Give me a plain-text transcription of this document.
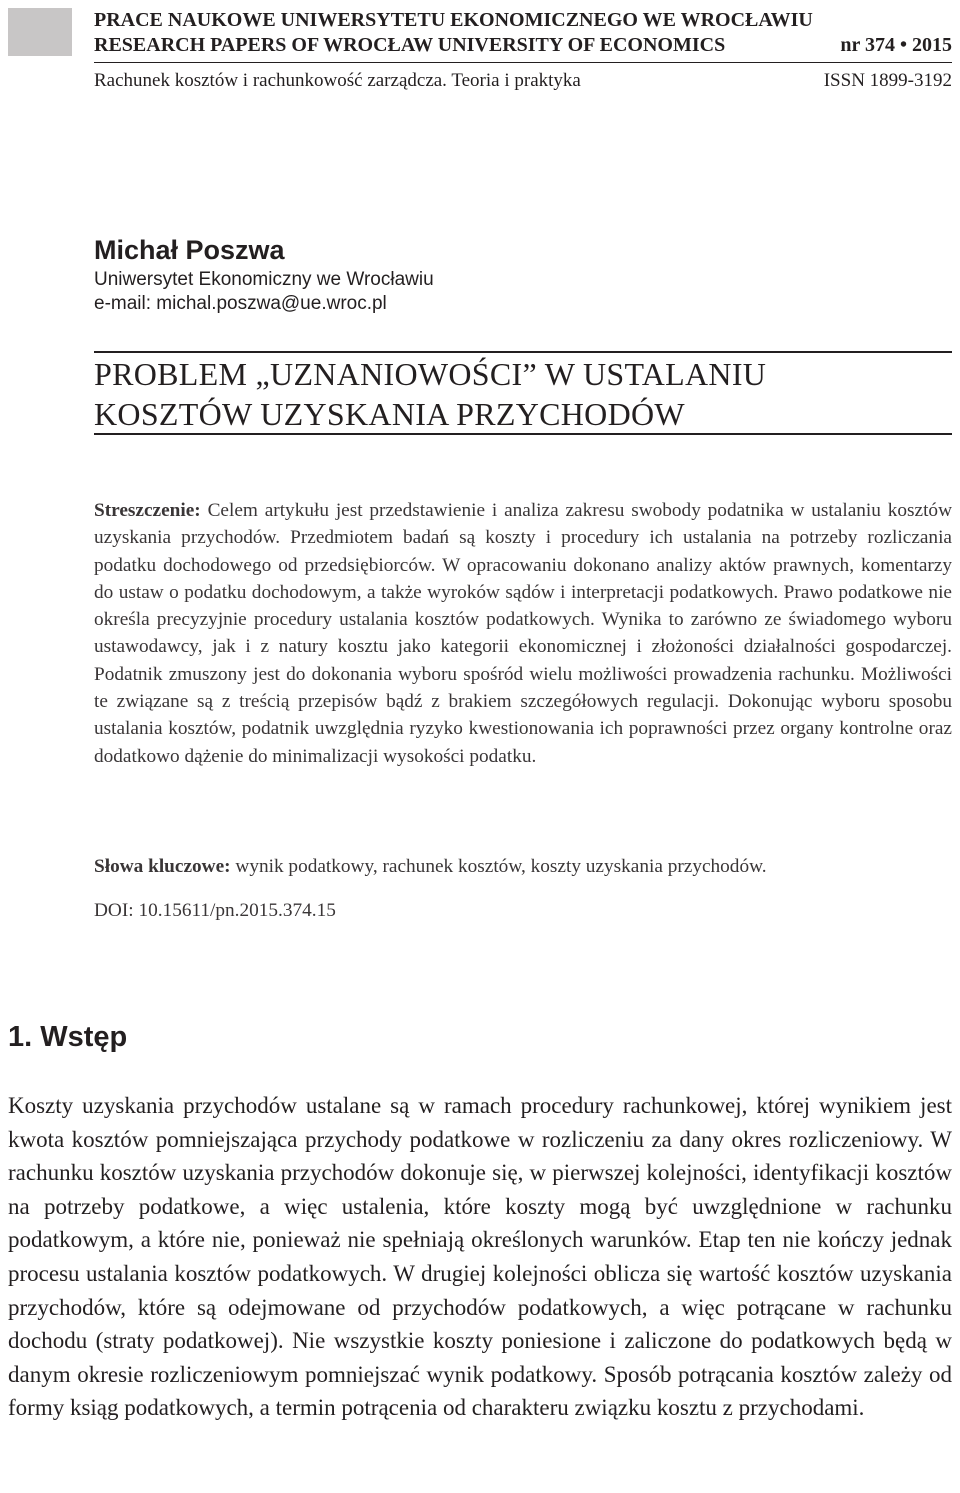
PRACE NAUKOWE UNIWERSYTETU EKONOMICZNEGO WE WROCŁAWIU
RESEARCH PAPERS OF WROCŁAW UNIVERSITY OF ECONOMICS	nr 374 • 2015
Rachunek kosztów i rachunkowość zarządcza. Teoria i praktyka	ISSN 1899-3192
Michał Poszwa
Uniwersytet Ekonomiczny we Wrocławiu
e-mail: michal.poszwa@ue.wroc.pl
PROBLEM „UZNANIOWOŚCI” W USTALANIU
KOSZTÓW UZYSKANIA PRZYCHODÓW
Streszczenie: Celem artykułu jest przedstawienie i analiza zakresu swobody podatnika w ustalaniu kosztów uzyskania przychodów. Przedmiotem badań są koszty i procedury ich ustalania na potrzeby rozliczania podatku dochodowego od przedsiębiorców. W opracowaniu dokonano analizy aktów prawnych, komentarzy do ustaw o podatku dochodowym, a także wyroków sądów i interpretacji podatkowych. Prawo podatkowe nie określa precyzyjnie procedury ustalania kosztów podatkowych. Wynika to zarówno ze świadomego wyboru ustawodawcy, jak i z natury kosztu jako kategorii ekonomicznej i złożoności działalności gospodarczej. Podatnik zmuszony jest do dokonania wyboru spośród wielu możliwości prowadzenia rachunku. Możliwości te związane są z treścią przepisów bądź z brakiem szczegółowych regulacji. Dokonując wyboru sposobu ustalania kosztów, podatnik uwzględnia ryzyko kwestionowania ich poprawności przez organy kontrolne oraz dodatkowo dążenie do minimalizacji wysokości podatku.
Słowa kluczowe: wynik podatkowy, rachunek kosztów, koszty uzyskania przychodów.
DOI: 10.15611/pn.2015.374.15
1. Wstęp
Koszty uzyskania przychodów ustalane są w ramach procedury rachunkowej, której wynikiem jest kwota kosztów pomniejszająca przychody podatkowe w rozliczeniu za dany okres rozliczeniowy. W rachunku kosztów uzyskania przychodów dokonuje się, w pierwszej kolejności, identyfikacji kosztów na potrzeby podatkowe, a więc ustalenia, które koszty mogą być uwzględnione w rachunku podatkowym, a które nie, ponieważ nie spełniają określonych warunków. Etap ten nie kończy jednak procesu ustalania kosztów podatkowych. W drugiej kolejności oblicza się wartość kosztów uzyskania przychodów, które są odejmowane od przychodów podatkowych, a więc potrącane w rachunku dochodu (straty podatkowej). Nie wszystkie koszty poniesione i zaliczone do podatkowych będą w danym okresie rozliczeniowym pomniejszać wynik podatkowy. Sposób potrącania kosztów zależy od formy ksiąg podatkowych, a termin potrącenia od charakteru związku kosztu z przychodami.
